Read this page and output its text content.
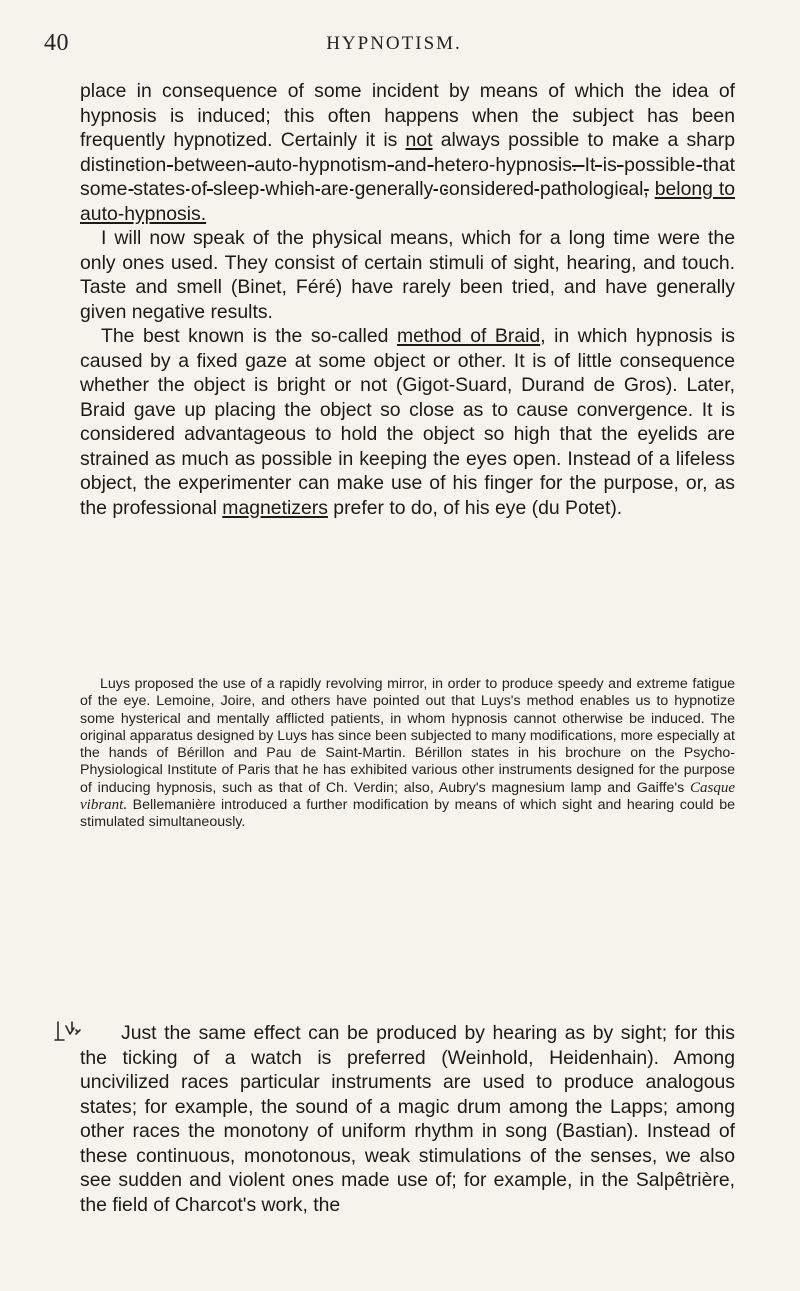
40	HYPNOTISM.

place in consequence of some incident by means of which the idea of hypnosis is induced; this often happens when the subject has been frequently hypnotized. Certainly it is not always possible to make a sharp distinction between auto-hypnotism and hetero-hypnosis. It is possible that some states of sleep which are generally considered pathological, belong to auto-hypnosis.

I will now speak of the physical means, which for a long time were the only ones used. They consist of certain stimuli of sight, hearing, and touch. Taste and smell (Binet, Féré) have rarely been tried, and have generally given negative results.

The best known is the so-called method of Braid, in which hypnosis is caused by a fixed gaze at some object or other. It is of little consequence whether the object is bright or not (Gigot-Suard, Durand de Gros). Later, Braid gave up placing the object so close as to cause convergence. It is considered advantageous to hold the object so high that the eyelids are strained as much as possible in keeping the eyes open. Instead of a lifeless object, the experimenter can make use of his finger for the purpose, or, as the professional magnetizers prefer to do, of his eye (du Potet).

Luys proposed the use of a rapidly revolving mirror, in order to produce speedy and extreme fatigue of the eye. Lemoine, Joire, and others have pointed out that Luys's method enables us to hypnotize some hysterical and mentally afflicted patients, in whom hypnosis cannot otherwise be induced. The original apparatus designed by Luys has since been subjected to many modifications, more especially at the hands of Bérillon and Pau de Saint-Martin. Bérillon states in his brochure on the Psycho-Physiological Institute of Paris that he has exhibited various other instruments designed for the purpose of inducing hypnosis, such as that of Ch. Verdin; also, Aubry's magnesium lamp and Gaiffe's Casque vibrant. Bellemanière introduced a further modification by means of which sight and hearing could be stimulated simultaneously.

Just the same effect can be produced by hearing as by sight; for this the ticking of a watch is preferred (Weinhold, Heidenhain). Among uncivilized races particular instruments are used to produce analogous states; for example, the sound of a magic drum among the Lapps; among other races the monotony of uniform rhythm in song (Bastian). Instead of these continuous, monotonous, weak stimulations of the senses, we also see sudden and violent ones made use of; for example, in the Salpêtrière, the field of Charcot's work, the
